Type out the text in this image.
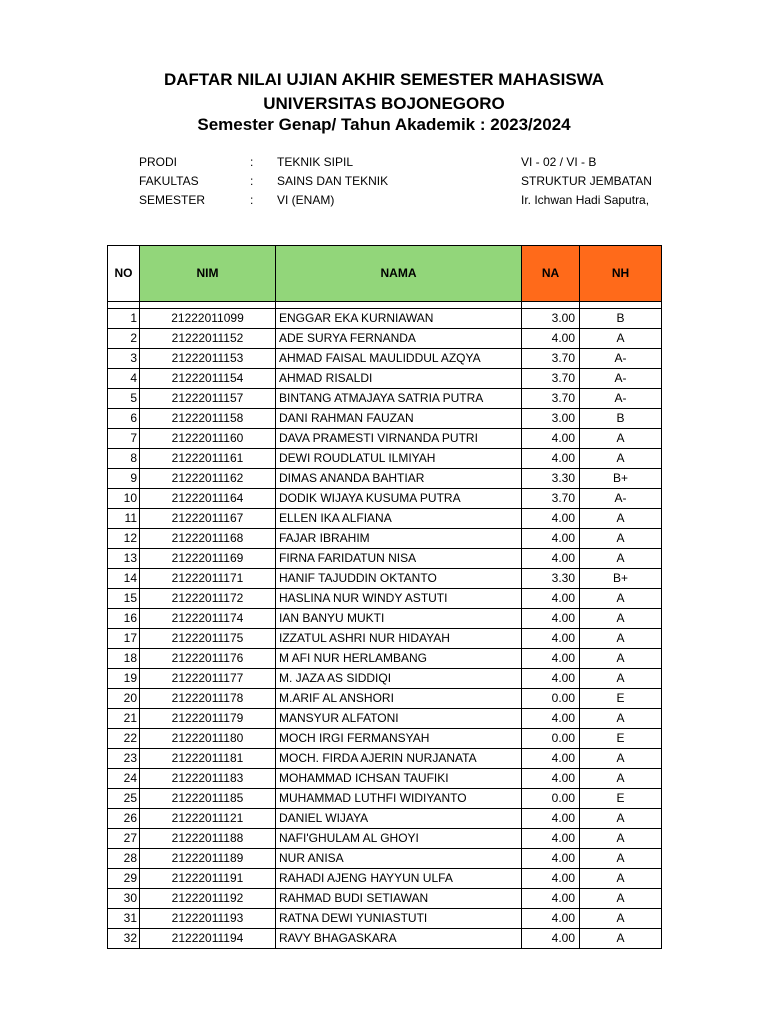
DAFTAR NILAI UJIAN AKHIR SEMESTER MAHASISWA
UNIVERSITAS BOJONEGORO
Semester Genap/ Tahun Akademik : 2023/2024
PRODI	: TEKNIK SIPIL	VI - 02 / VI - B
FAKULTAS	: SAINS DAN TEKNIK	STRUKTUR JEMBATAN
SEMESTER	: VI (ENAM)	Ir. Ichwan Hadi Saputra,
NO	NIM	NAMA	NA	NH

1	21222011099	ENGGAR EKA KURNIAWAN	3.00	B
2	21222011152	ADE SURYA FERNANDA	4.00	A
3	21222011153	AHMAD FAISAL MAULIDDUL AZQYA	3.70	A-
4	21222011154	AHMAD RISALDI	3.70	A-
5	21222011157	BINTANG ATMAJAYA SATRIA PUTRA	3.70	A-
6	21222011158	DANI RAHMAN FAUZAN	3.00	B
7	21222011160	DAVA PRAMESTI VIRNANDA PUTRI	4.00	A
8	21222011161	DEWI ROUDLATUL ILMIYAH	4.00	A
9	21222011162	DIMAS ANANDA BAHTIAR	3.30	B+
10	21222011164	DODIK WIJAYA KUSUMA PUTRA	3.70	A-
11	21222011167	ELLEN IKA ALFIANA	4.00	A
12	21222011168	FAJAR IBRAHIM	4.00	A
13	21222011169	FIRNA FARIDATUN NISA	4.00	A
14	21222011171	HANIF TAJUDDIN OKTANTO	3.30	B+
15	21222011172	HASLINA NUR WINDY ASTUTI	4.00	A
16	21222011174	IAN BANYU MUKTI	4.00	A
17	21222011175	IZZATUL ASHRI NUR HIDAYAH	4.00	A
18	21222011176	M AFI NUR HERLAMBANG	4.00	A
19	21222011177	M. JAZA AS SIDDIQI	4.00	A
20	21222011178	M.ARIF AL ANSHORI	0.00	E
21	21222011179	MANSYUR ALFATONI	4.00	A
22	21222011180	MOCH IRGI FERMANSYAH	0.00	E
23	21222011181	MOCH. FIRDA AJERIN NURJANATA	4.00	A
24	21222011183	MOHAMMAD ICHSAN TAUFIKI	4.00	A
25	21222011185	MUHAMMAD LUTHFI WIDIYANTO	0.00	E
26	21222011121	DANIEL WIJAYA	4.00	A
27	21222011188	NAFI'GHULAM AL GHOYI	4.00	A
28	21222011189	NUR ANISA	4.00	A
29	21222011191	RAHADI AJENG HAYYUN ULFA	4.00	A
30	21222011192	RAHMAD BUDI SETIAWAN	4.00	A
31	21222011193	RATNA DEWI YUNIASTUTI	4.00	A
32	21222011194	RAVY BHAGASKARA	4.00	A
